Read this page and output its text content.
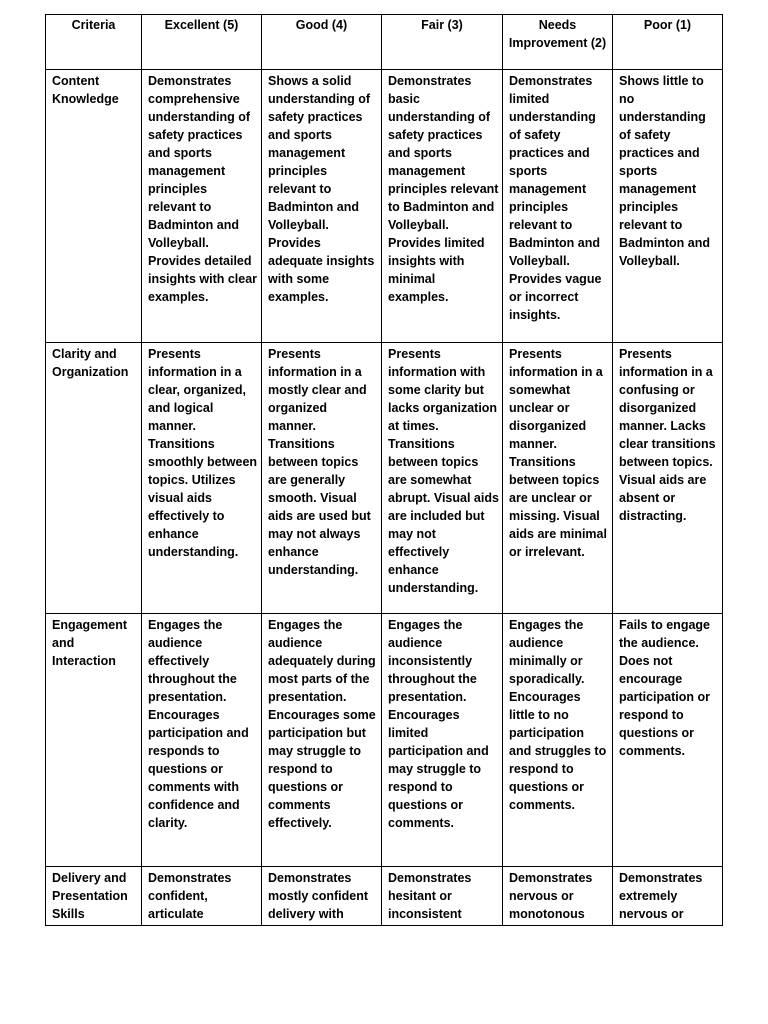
Criteria	Excellent (5)	Good (4)	Fair (3)	Needs Improvement (2)	Poor (1)
Content Knowledge	Demonstrates comprehensive understanding of safety practices and sports management principles relevant to Badminton and Volleyball. Provides detailed insights with clear examples.	Shows a solid understanding of safety practices and sports management principles relevant to Badminton and Volleyball. Provides adequate insights with some examples.	Demonstrates basic understanding of safety practices and sports management principles relevant to Badminton and Volleyball. Provides limited insights with minimal examples.	Demonstrates limited understanding of safety practices and sports management principles relevant to Badminton and Volleyball. Provides vague or incorrect insights.	Shows little to no understanding of safety practices and sports management principles relevant to Badminton and Volleyball.
Clarity and Organization	Presents information in a clear, organized, and logical manner. Transitions smoothly between topics. Utilizes visual aids effectively to enhance understanding.	Presents information in a mostly clear and organized manner. Transitions between topics are generally smooth. Visual aids are used but may not always enhance understanding.	Presents information with some clarity but lacks organization at times. Transitions between topics are somewhat abrupt. Visual aids are included but may not effectively enhance understanding.	Presents information in a somewhat unclear or disorganized manner. Transitions between topics are unclear or missing. Visual aids are minimal or irrelevant.	Presents information in a confusing or disorganized manner. Lacks clear transitions between topics. Visual aids are absent or distracting.
Engagement and Interaction	Engages the audience effectively throughout the presentation. Encourages participation and responds to questions or comments with confidence and clarity.	Engages the audience adequately during most parts of the presentation. Encourages some participation but may struggle to respond to questions or comments effectively.	Engages the audience inconsistently throughout the presentation. Encourages limited participation and may struggle to respond to questions or comments.	Engages the audience minimally or sporadically. Encourages little to no participation and struggles to respond to questions or comments.	Fails to engage the audience. Does not encourage participation or respond to questions or comments.
Delivery and Presentation Skills	Demonstrates confident, articulate	Demonstrates mostly confident delivery with	Demonstrates hesitant or inconsistent	Demonstrates nervous or monotonous	Demonstrates extremely nervous or
